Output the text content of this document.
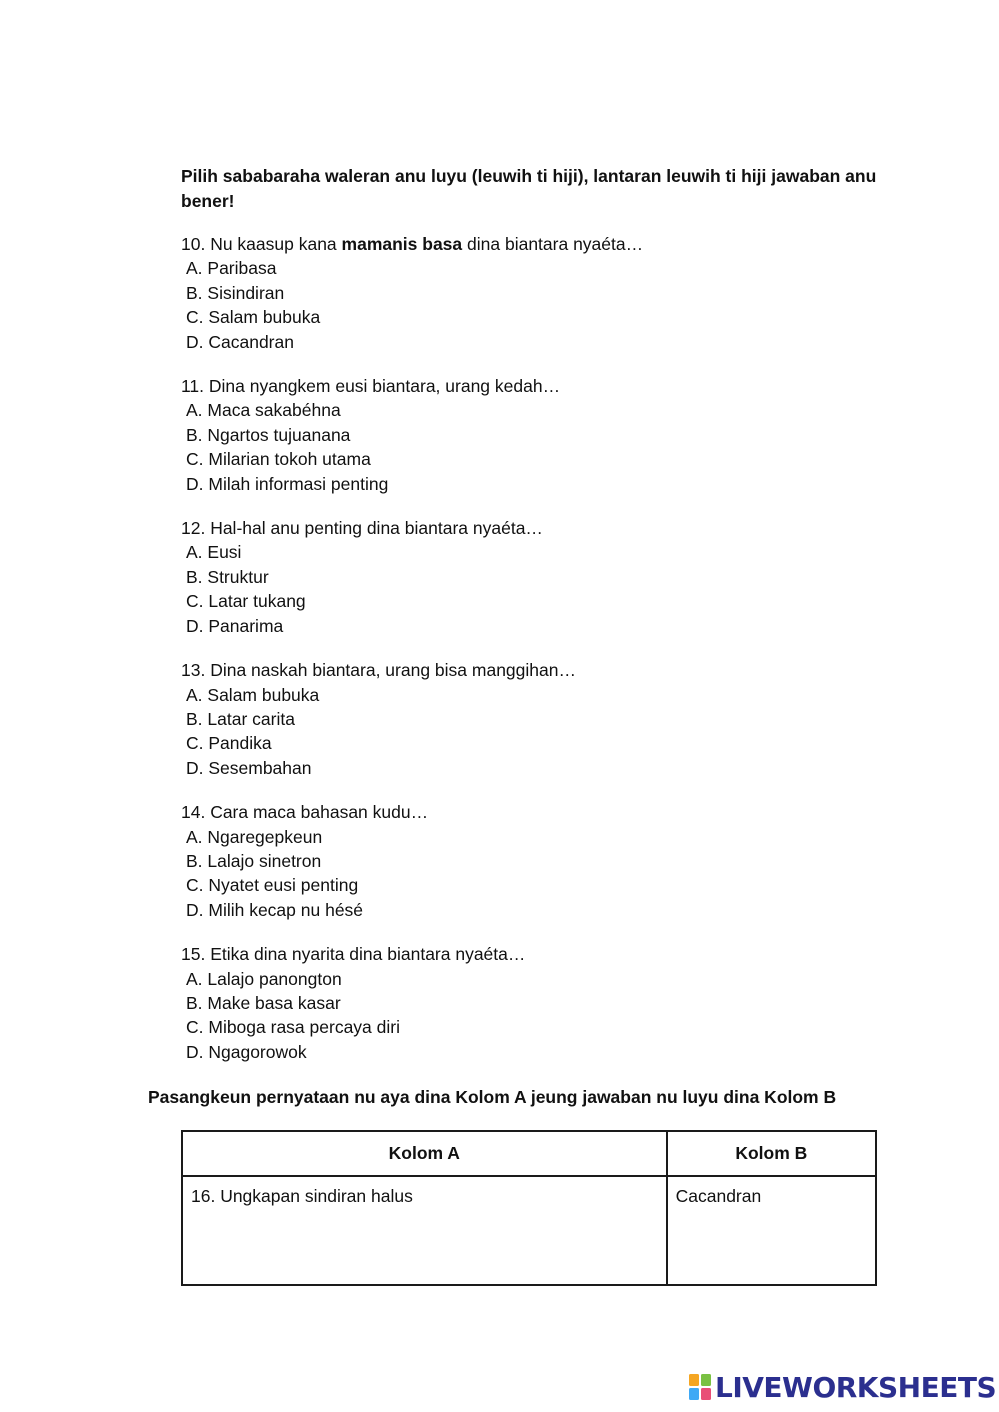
Pilih sababaraha waleran anu luyu (leuwih ti hiji), lantaran leuwih ti hiji jawaban anu bener!
10. Nu kaasup kana mamanis basa dina biantara nyaéta…
A. Paribasa
B. Sisindiran
C. Salam bubuka
D. Cacandran
11. Dina nyangkem eusi biantara, urang kedah…
A. Maca sakabéhna
B. Ngartos tujuanana
C. Milarian tokoh utama
D. Milah informasi penting
12. Hal-hal anu penting dina biantara nyaéta…
A. Eusi
B. Struktur
C. Latar tukang
D. Panarima
13. Dina naskah biantara, urang bisa manggihan…
A. Salam bubuka
B. Latar carita
C. Pandika
D. Sesembahan
14. Cara maca bahasan kudu…
A. Ngaregepkeun
B. Lalajo sinetron
C. Nyatet eusi penting
D. Milih kecap nu hésé
15. Etika dina nyarita dina biantara nyaéta…
A. Lalajo panongton
B. Make basa kasar
C. Miboga rasa percaya diri
D. Ngagorowok
Pasangkeun pernyataan nu aya dina Kolom A jeung jawaban nu luyu dina Kolom B
Kolom A	Kolom B
16. Ungkapan sindiran halus	Cacandran
LIVEWORKSHEETS
